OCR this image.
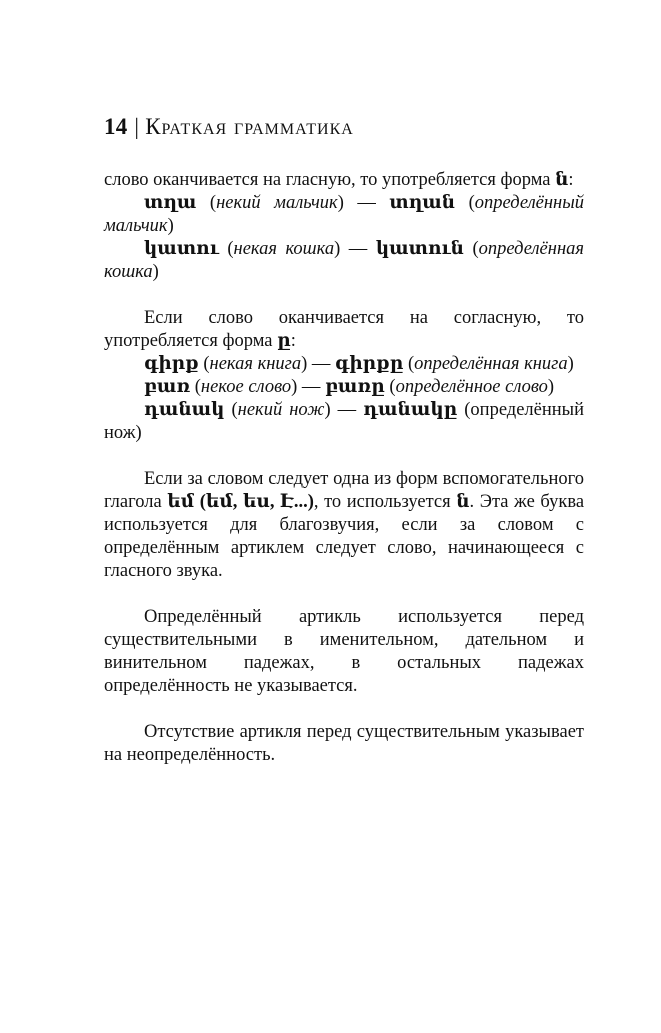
14 | Краткая грамматика

слово оканчивается на гласную, то употребляется форма ն:

տղա (некий мальчик) — տղան (определённый мальчик)

կատու (некая кошка) — կատուն (определённая кошка)

Если слово оканчивается на согласную, то употребляется форма ը:

գիրք (некая книга) — գիրքը (определённая книга)

բառ (некое слово) — բառը (определённое слово)

դանակ (некий нож) — դանակը (определённый нож)

Если за словом следует одна из форм вспомогательного глагола եմ (եմ, ես, Է...), то используется ն. Эта же буква используется для благозвучия, если за словом с определённым артиклем следует слово, начинающееся с гласного звука.

Определённый артикль используется перед существительными в именительном, дательном и винительном падежах, в остальных падежах определённость не указывается.

Отсутствие артикля перед существительным указывает на неопределённость.
